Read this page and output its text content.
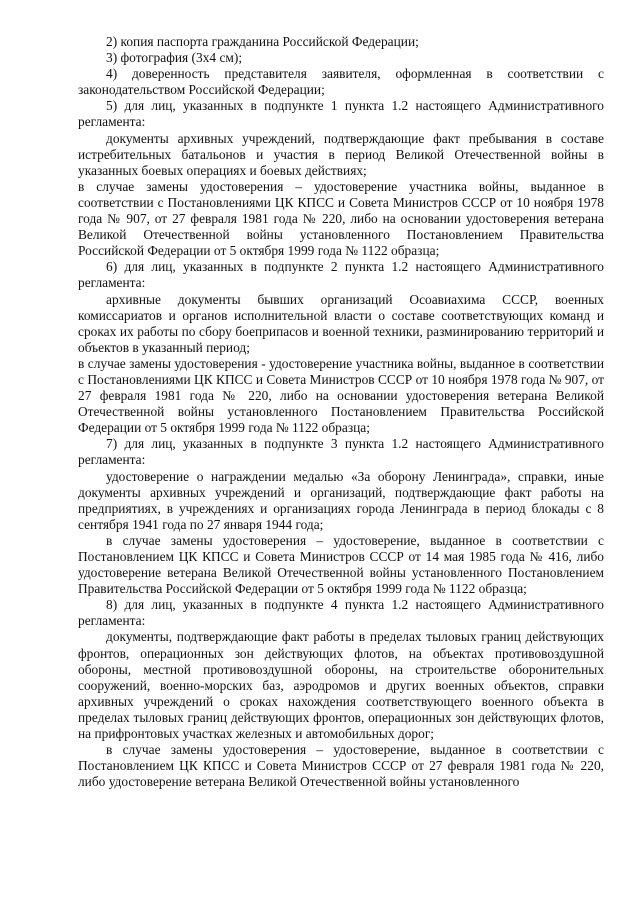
2) копия паспорта гражданина Российской Федерации;

3) фотография (3х4 см);

4) доверенность представителя заявителя, оформленная в соответствии с законодательством Российской Федерации;

5) для лиц, указанных в подпункте 1 пункта 1.2 настоящего Административного регламента:

документы архивных учреждений, подтверждающие факт пребывания в составе истребительных батальонов и участия в период Великой Отечественной войны в указанных боевых операциях и боевых действиях;

в случае замены удостоверения – удостоверение участника войны, выданное в соответствии с Постановлениями ЦК КПСС и Совета Министров СССР от 10 ноября 1978 года № 907, от 27 февраля 1981 года № 220, либо на основании удостоверения ветерана Великой Отечественной войны установленного Постановлением Правительства Российской Федерации от 5 октября 1999 года № 1122 образца;

6) для лиц, указанных в подпункте 2 пункта 1.2 настоящего Административного регламента:

архивные документы бывших организаций Осоавиахима СССР, военных комиссариатов и органов исполнительной власти о составе соответствующих команд и сроках их работы по сбору боеприпасов и военной техники, разминированию территорий и объектов в указанный период;

в случае замены удостоверения - удостоверение участника войны, выданное в соответствии с Постановлениями ЦК КПСС и Совета Министров СССР от 10 ноября 1978 года № 907, от 27 февраля 1981 года № 220, либо на основании удостоверения ветерана Великой Отечественной войны установленного Постановлением Правительства Российской Федерации от 5 октября 1999 года № 1122 образца;

7) для лиц, указанных в подпункте 3 пункта 1.2 настоящего Административного регламента:

удостоверение о награждении медалью «За оборону Ленинграда», справки, иные документы архивных учреждений и организаций, подтверждающие факт работы на предприятиях, в учреждениях и организациях города Ленинграда в период блокады с 8 сентября 1941 года по 27 января 1944 года;

в случае замены удостоверения – удостоверение, выданное в соответствии с Постановлением ЦК КПСС и Совета Министров СССР от 14 мая 1985 года № 416, либо удостоверение ветерана Великой Отечественной войны установленного Постановлением Правительства Российской Федерации от 5 октября 1999 года № 1122 образца;

8) для лиц, указанных в подпункте 4 пункта 1.2 настоящего Административного регламента:

документы, подтверждающие факт работы в пределах тыловых границ действующих фронтов, операционных зон действующих флотов, на объектах противовоздушной обороны, местной противовоздушной обороны, на строительстве оборонительных сооружений, военно-морских баз, аэродромов и других военных объектов, справки архивных учреждений о сроках нахождения соответствующего военного объекта в пределах тыловых границ действующих фронтов, операционных зон действующих флотов, на прифронтовых участках железных и автомобильных дорог;

в случае замены удостоверения – удостоверение, выданное в соответствии с Постановлением ЦК КПСС и Совета Министров СССР от 27 февраля 1981 года № 220, либо удостоверение ветерана Великой Отечественной войны установленного
